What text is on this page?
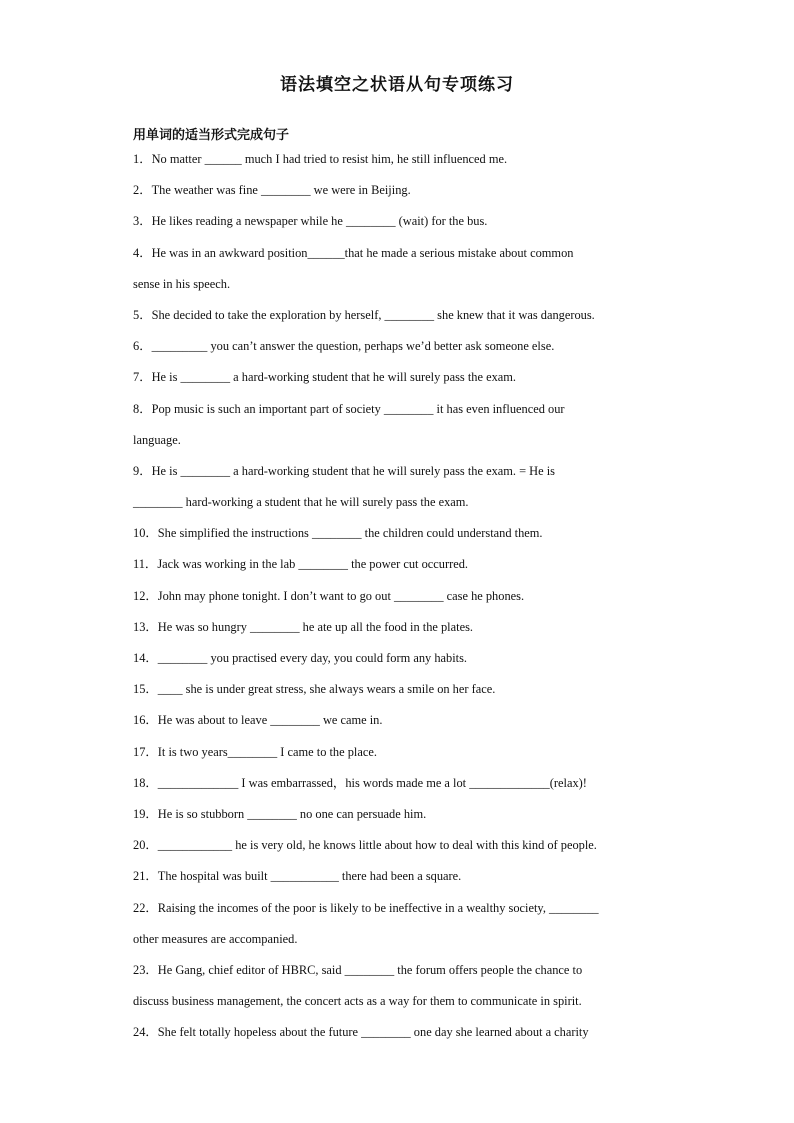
语法填空之状语从句专项练习
用单词的适当形式完成句子
1．No matter ______ much I had tried to resist him, he still influenced me.
2．The weather was fine ________ we were in Beijing.
3．He likes reading a newspaper while he ________ (wait) for the bus.
4．He was in an awkward position______that he made a serious mistake about common
sense in his speech.
5．She decided to take the exploration by herself, ________ she knew that it was dangerous.
6．_________ you can’t answer the question, perhaps we’d better ask someone else.
7．He is ________ a hard-working student that he will surely pass the exam.
8．Pop music is such an important part of society ________ it has even influenced our
language.
9．He is ________ a hard-working student that he will surely pass the exam. = He is
________ hard-working a student that he will surely pass the exam.
10．She simplified the instructions ________ the children could understand them.
11．Jack was working in the lab ________ the power cut occurred.
12．John may phone tonight. I don’t want to go out ________ case he phones.
13．He was so hungry ________ he ate up all the food in the plates.
14．________ you practised every day, you could form any habits.
15．____ she is under great stress, she always wears a smile on her face.
16．He was about to leave ________ we came in.
17．It is two years________ I came to the place.
18．_____________ I was embarrassed，his words made me a lot _____________(relax)!
19．He is so stubborn ________ no one can persuade him.
20．____________ he is very old, he knows little about how to deal with this kind of people.
21．The hospital was built ___________ there had been a square.
22．Raising the incomes of the poor is likely to be ineffective in a wealthy society, ________
other measures are accompanied.
23．He Gang, chief editor of HBRC, said ________ the forum offers people the chance to
discuss business management, the concert acts as a way for them to communicate in spirit.
24．She felt totally hopeless about the future ________ one day she learned about a charity
